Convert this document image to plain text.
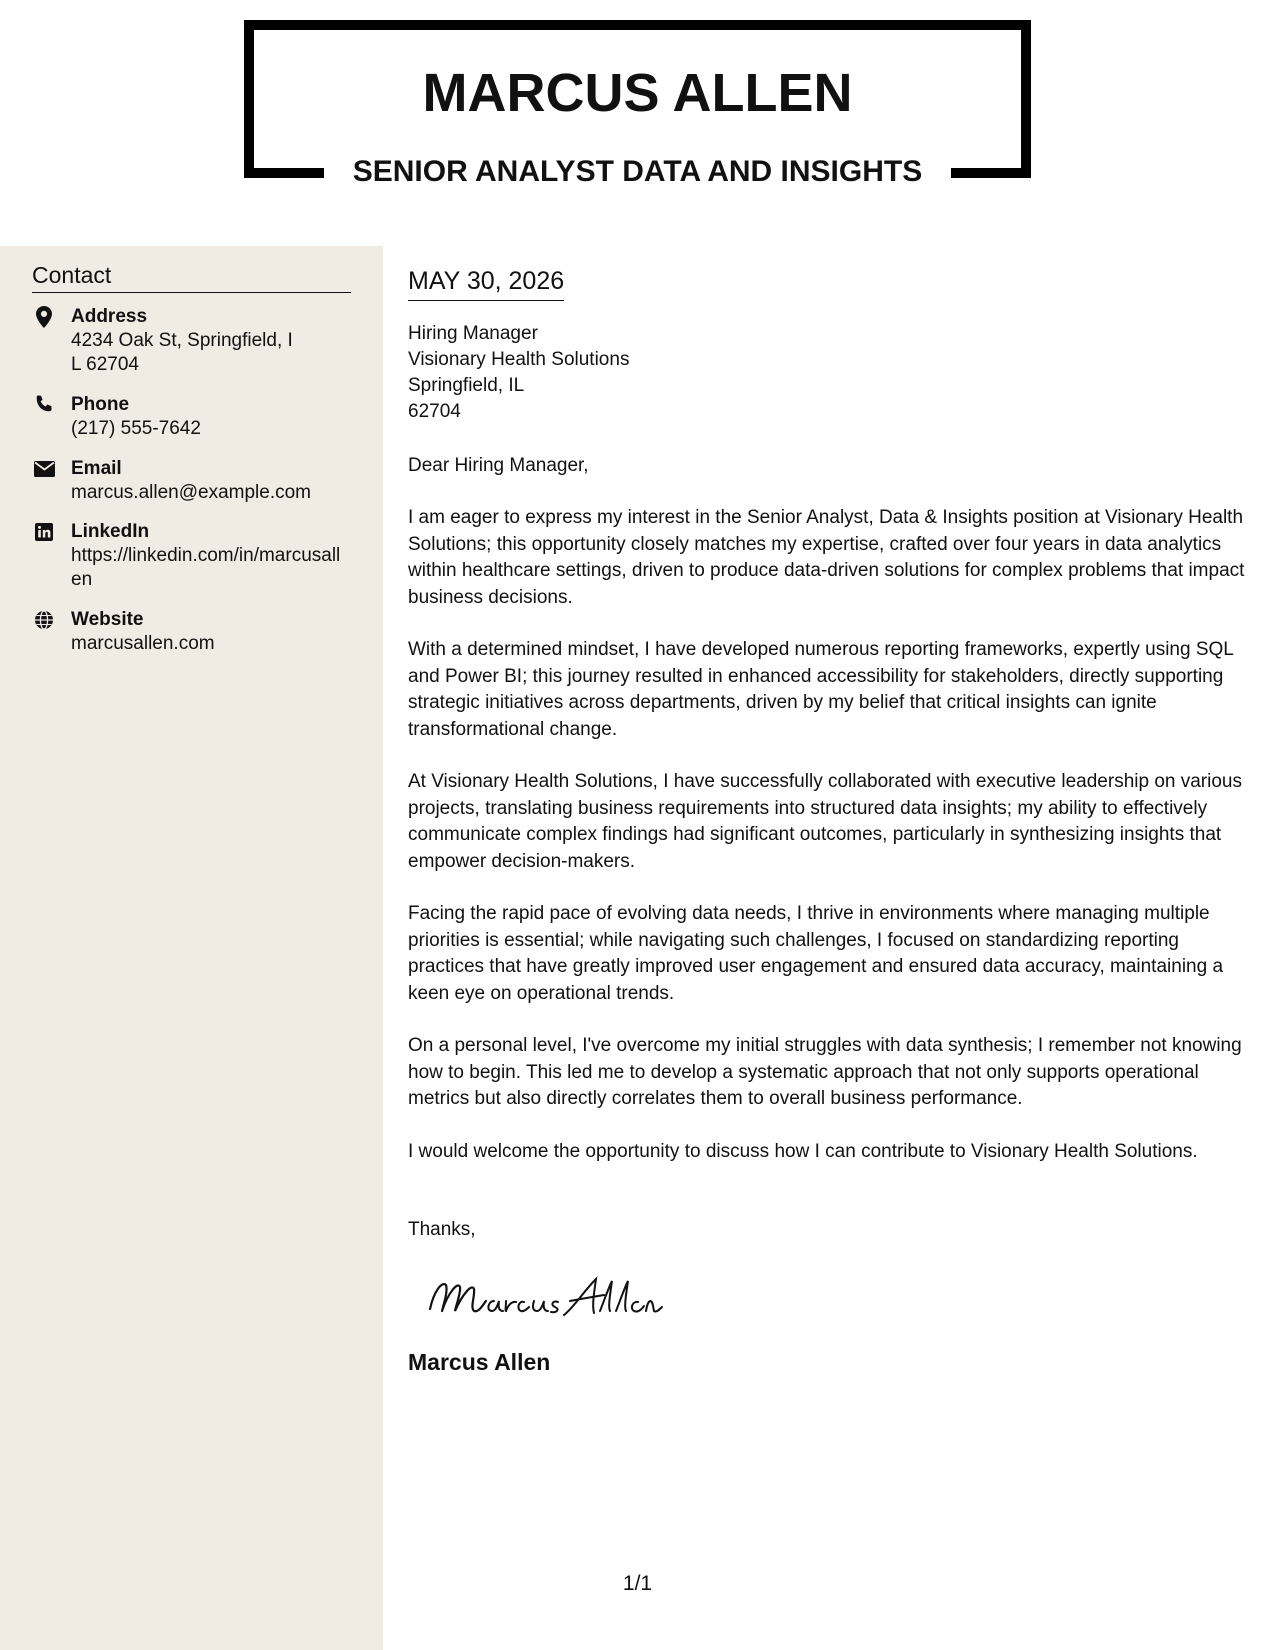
MARCUS ALLEN
SENIOR ANALYST DATA AND INSIGHTS
Contact
Address
4234 Oak St, Springfield, IL 62704
Phone
(217) 555-7642
Email
marcus.allen@example.com
LinkedIn
https://linkedin.com/in/marcusallen
Website
marcusallen.com
MAY 30, 2026
Hiring Manager
Visionary Health Solutions
Springfield, IL
62704
Dear Hiring Manager,
I am eager to express my interest in the Senior Analyst, Data & Insights position at Visionary Health Solutions; this opportunity closely matches my expertise, crafted over four years in data analytics within healthcare settings, driven to produce data-driven solutions for complex problems that impact business decisions.
With a determined mindset, I have developed numerous reporting frameworks, expertly using SQL and Power BI; this journey resulted in enhanced accessibility for stakeholders, directly supporting strategic initiatives across departments, driven by my belief that critical insights can ignite transformational change.
At Visionary Health Solutions, I have successfully collaborated with executive leadership on various projects, translating business requirements into structured data insights; my ability to effectively communicate complex findings had significant outcomes, particularly in synthesizing insights that empower decision-makers.
Facing the rapid pace of evolving data needs, I thrive in environments where managing multiple priorities is essential; while navigating such challenges, I focused on standardizing reporting practices that have greatly improved user engagement and ensured data accuracy, maintaining a keen eye on operational trends.
On a personal level, I've overcome my initial struggles with data synthesis; I remember not knowing how to begin. This led me to develop a systematic approach that not only supports operational metrics but also directly correlates them to overall business performance.
I would welcome the opportunity to discuss how I can contribute to Visionary Health Solutions.
Thanks,
Marcus Allen
1/1
